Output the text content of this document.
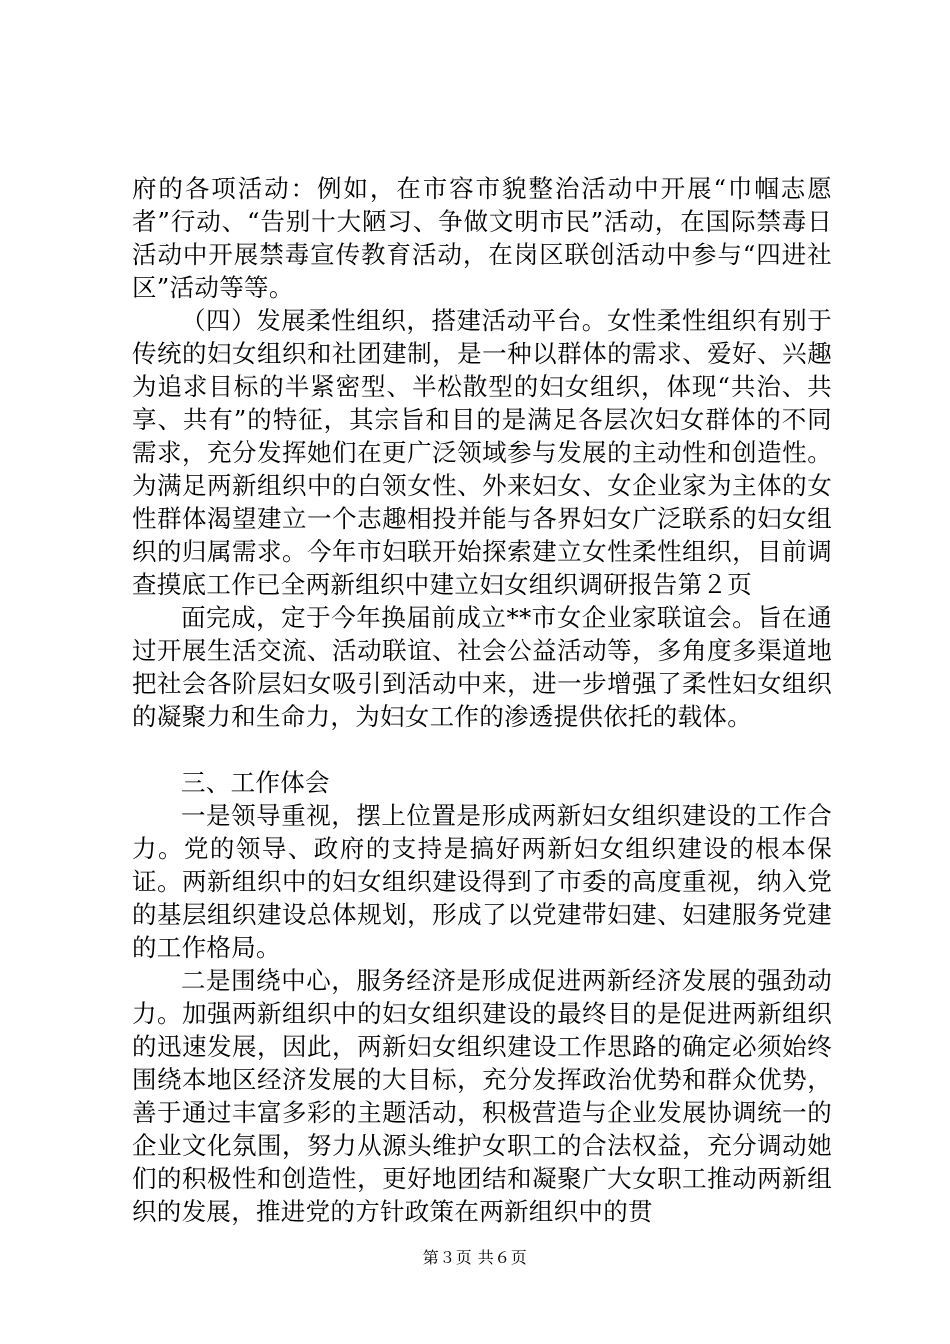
府的各项活动：例如，在市容市貌整治活动中开展“巾帼志愿者”行动、“告别十大陋习、争做文明市民”活动，在国际禁毒日活动中开展禁毒宣传教育活动，在岗区联创活动中参与“四进社区”活动等等。

（四）发展柔性组织，搭建活动平台。女性柔性组织有别于传统的妇女组织和社团建制，是一种以群体的需求、爱好、兴趣为追求目标的半紧密型、半松散型的妇女组织，体现“共治、共享、共有”的特征，其宗旨和目的是满足各层次妇女群体的不同需求，充分发挥她们在更广泛领域参与发展的主动性和创造性。为满足两新组织中的白领女性、外来妇女、女企业家为主体的女性群体渴望建立一个志趣相投并能与各界妇女广泛联系的妇女组织的归属需求。今年市妇联开始探索建立女性柔性组织，目前调查摸底工作已全两新组织中建立妇女组织调研报告第２页

面完成，定于今年换届前成立**市女企业家联谊会。旨在通过开展生活交流、活动联谊、社会公益活动等，多角度多渠道地把社会各阶层妇女吸引到活动中来，进一步增强了柔性妇女组织的凝聚力和生命力，为妇女工作的渗透提供依托的载体。

三、工作体会

一是领导重视，摆上位置是形成两新妇女组织建设的工作合力。党的领导、政府的支持是搞好两新妇女组织建设的根本保证。两新组织中的妇女组织建设得到了市委的高度重视，纳入党的基层组织建设总体规划，形成了以党建带妇建、妇建服务党建的工作格局。

二是围绕中心，服务经济是形成促进两新经济发展的强劲动力。加强两新组织中的妇女组织建设的最终目的是促进两新组织的迅速发展，因此，两新妇女组织建设工作思路的确定必须始终围绕本地区经济发展的大目标，充分发挥政治优势和群众优势，善于通过丰富多彩的主题活动，积极营造与企业发展协调统一的企业文化氛围，努力从源头维护女职工的合法权益，充分调动她们的积极性和创造性，更好地团结和凝聚广大女职工推动两新组织的发展，推进党的方针政策在两新组织中的贯

第３页 共６页
